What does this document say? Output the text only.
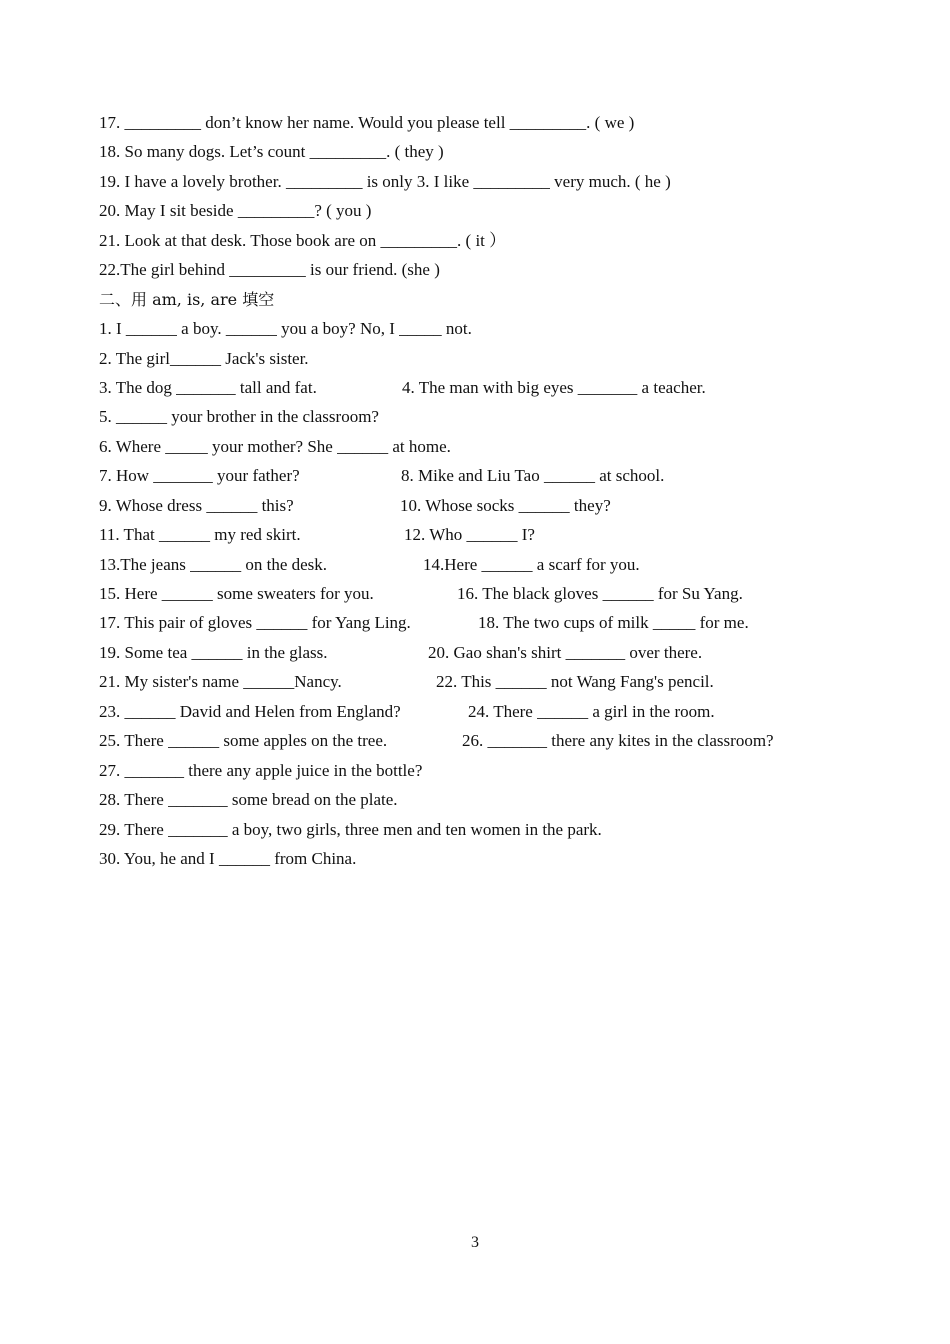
17. _________ don’t know her name. Would you please tell _________. ( we )
18. So many dogs. Let’s count _________. ( they )
19. I have a lovely brother. _________ is only 3. I like _________ very much. ( he )
20. May I sit beside _________? ( you )
21. Look at that desk. Those book are on _________. ( it ）
22.The girl behind _________ is our friend. (she )
二、用 am, is, are 填空
1. I ______ a boy. ______ you a boy? No, I _____ not.
2. The girl______ Jack's sister.

3. The dog _______ tall and fat.

	4. The man with big eyes _______ a teacher.

5. ______ your brother in the classroom?
6. Where _____ your mother? She ______ at home.

7. How _______ your father?

	8. Mike and Liu Tao ______ at school.

9. Whose dress ______ this?

	10. Whose socks ______ they?

11. That ______ my red skirt.

	12. Who ______ I?

13.The jeans ______ on the desk.

	14.Here ______ a scarf for you.

15. Here ______ some sweaters for you.

	16. The black gloves ______ for Su Yang.

17. This pair of gloves ______ for Yang Ling.

	18. The two cups of milk _____ for me.

19. Some tea ______ in the glass.

	20. Gao shan's shirt _______ over there.

21. My sister's name ______Nancy.

	22. This ______ not Wang Fang's pencil.

23. ______ David and Helen from England?

	24. There ______ a girl in the room.

25. There ______ some apples on the tree.

	26. _______ there any kites in the classroom?

27. _______ there any apple juice in the bottle?
28. There _______ some bread on the plate.
29. There _______ a boy, two girls, three men and ten women in the park.
30. You, he and I ______ from China.
3
